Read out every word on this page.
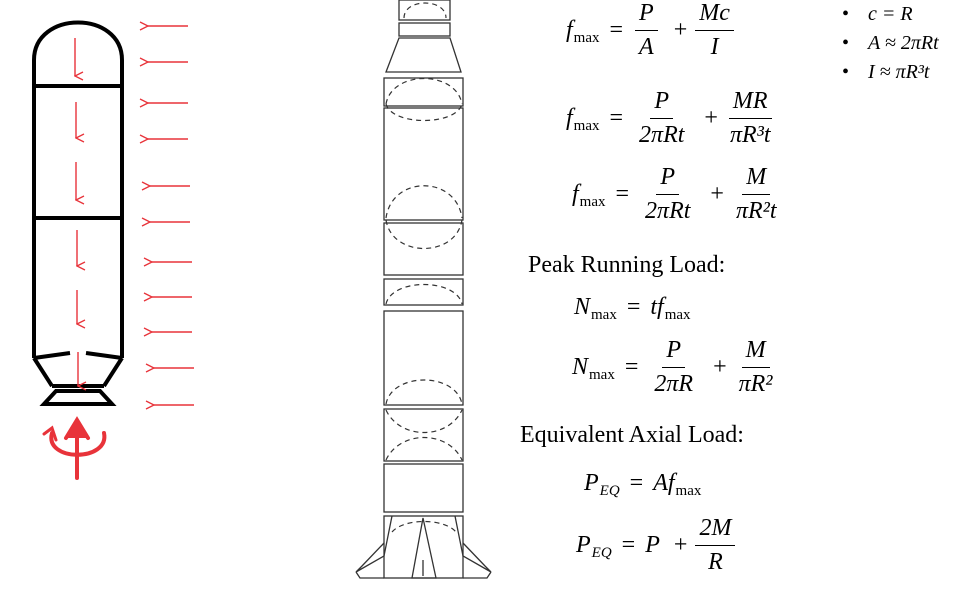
• c = R
• A ≈ 2πRt
• I ≈ πR³t
f $\max = \frac{P}{A} + \frac{Mc}{I}$
f $\max = \frac{P}{\text{2πRt}} + \frac{MR}{\text{πR³t}}$
f $\max = \frac{P}{\text{2πRt}} + \frac{M}{\text{πR²t}}$
Peak Running Load:
N max = tf max
N $\max = \frac{P}{2\pi R} + \frac{M}{\text{πR²}}$
Equivalent Axial Load:
P EQ = Af max
P EQ = $P + \frac{2M}{R}$
